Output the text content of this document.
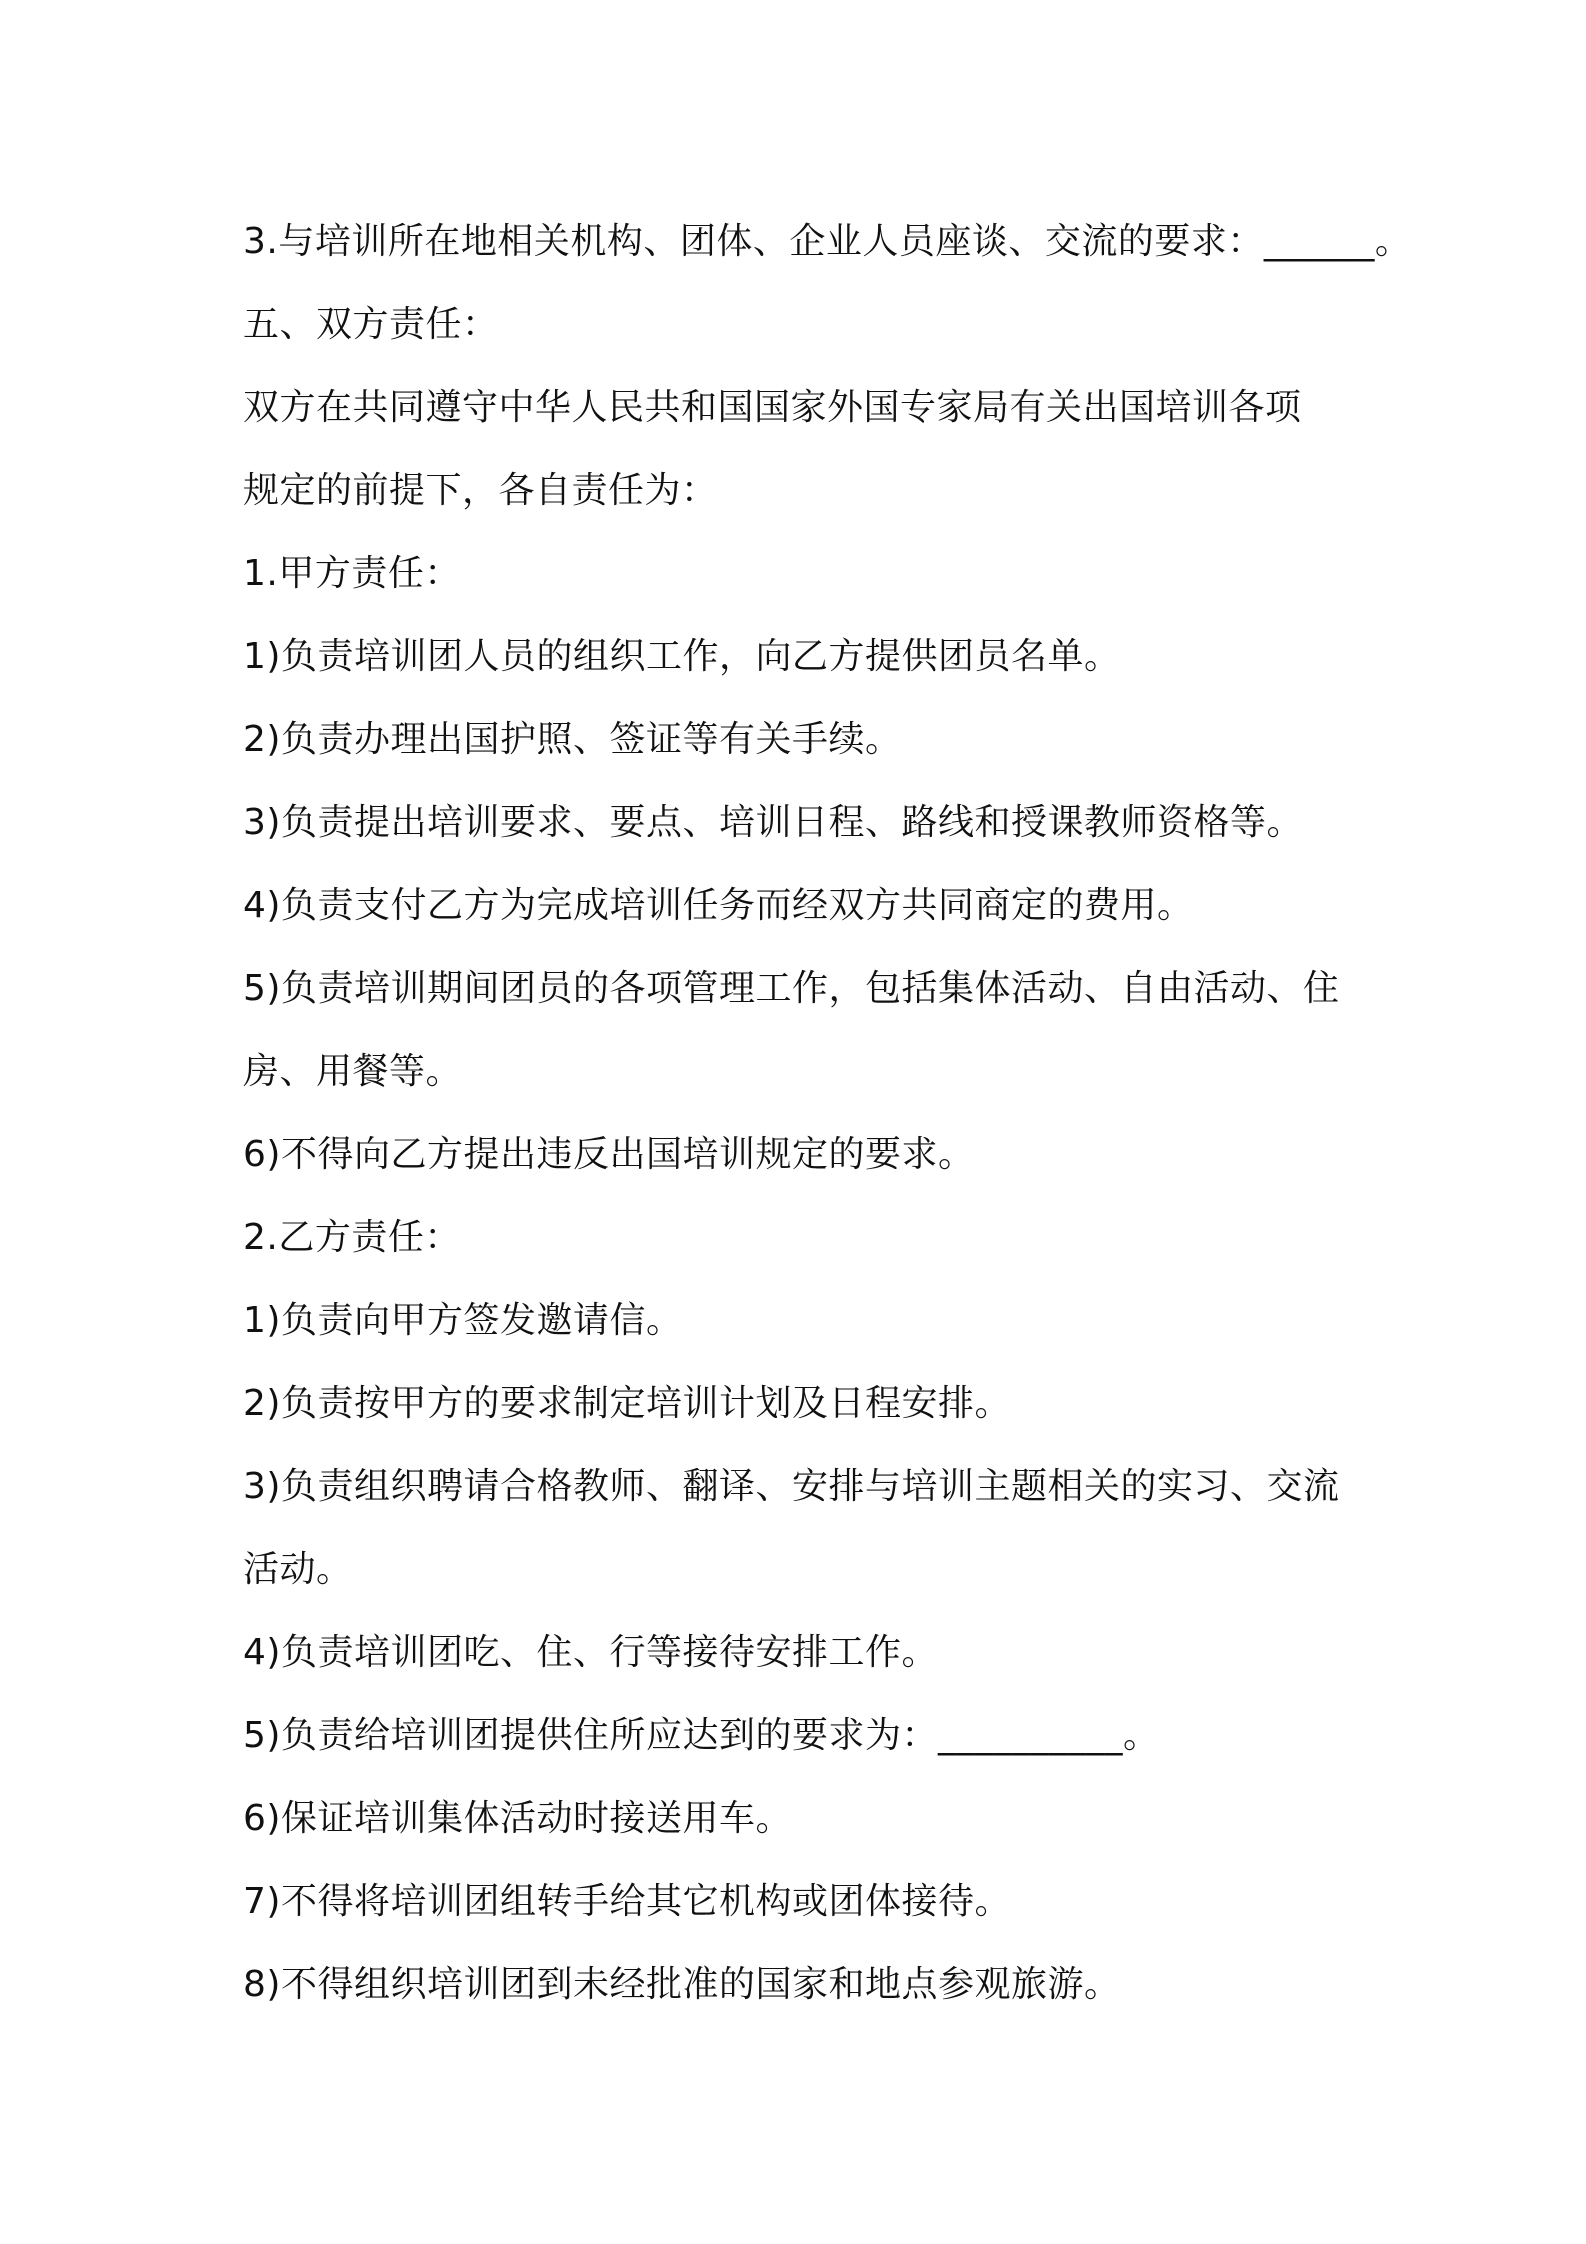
3.与培训所在地相关机构、团体、企业人员座谈、交流的要求：______。

五、双方责任：

双方在共同遵守中华人民共和国国家外国专家局有关出国培训各项

规定的前提下，各自责任为：

1.甲方责任：

1)负责培训团人员的组织工作，向乙方提供团员名单。

2)负责办理出国护照、签证等有关手续。

3)负责提出培训要求、要点、培训日程、路线和授课教师资格等。

4)负责支付乙方为完成培训任务而经双方共同商定的费用。

5)负责培训期间团员的各项管理工作，包括集体活动、自由活动、住

房、用餐等。

6)不得向乙方提出违反出国培训规定的要求。

2.乙方责任：

1)负责向甲方签发邀请信。

2)负责按甲方的要求制定培训计划及日程安排。

3)负责组织聘请合格教师、翻译、安排与培训主题相关的实习、交流

活动。

4)负责培训团吃、住、行等接待安排工作。

5)负责给培训团提供住所应达到的要求为：__________。

6)保证培训集体活动时接送用车。

7)不得将培训团组转手给其它机构或团体接待。

8)不得组织培训团到未经批准的国家和地点参观旅游。
